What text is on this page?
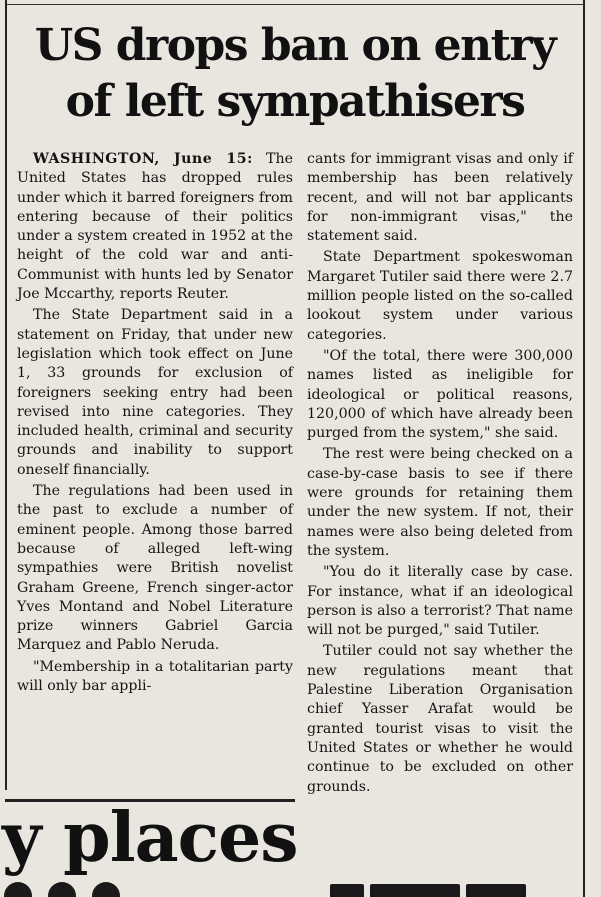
US drops ban on entry of left sympathisers

WASHINGTON, June 15: The United States has dropped rules under which it barred foreigners from entering because of their politics under a system created in 1952 at the height of the cold war and anti-Communist with hunts led by Senator Joe Mccarthy, reports Reuter.

The State Department said in a statement on Friday, that under new legislation which took effect on June 1, 33 grounds for exclusion of foreigners seeking entry had been revised into nine categories. They included health, criminal and security grounds and inability to support oneself financially.

The regulations had been used in the past to exclude a number of eminent people. Among those barred because of alleged left-wing sympathies were British novelist Graham Greene, French singer-actor Yves Montand and Nobel Literature prize winners Gabriel Garcia Marquez and Pablo Neruda.

"Membership in a totalitarian party will only bar appli-

cants for immigrant visas and only if membership has been relatively recent, and will not bar applicants for non-immigrant visas," the statement said.

State Department spokeswoman Margaret Tutiler said there were 2.7 million people listed on the so-called lookout system under various categories.

"Of the total, there were 300,000 names listed as ineligible for ideological or political reasons, 120,000 of which have already been purged from the system," she said.

The rest were being checked on a case-by-case basis to see if there were grounds for retaining them under the new system. If not, their names were also being deleted from the system.

"You do it literally case by case. For instance, what if an ideological person is also a terrorist? That name will not be purged," said Tutiler.

Tutiler could not say whether the new regulations meant that Palestine Liberation Organisation chief Yasser Arafat would be granted tourist visas to visit the United States or whether he would continue to be excluded on other grounds.

y places
